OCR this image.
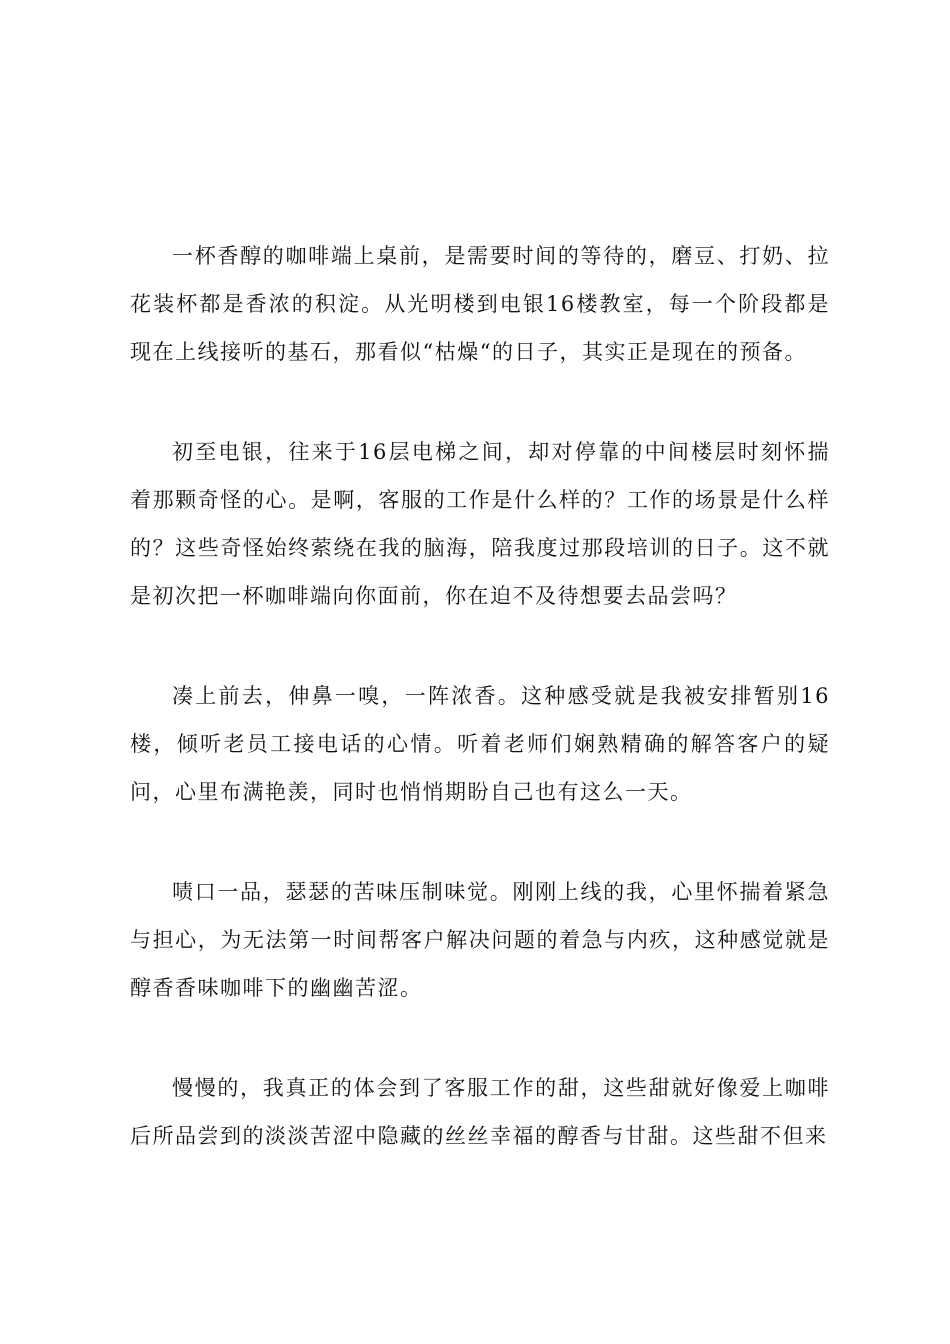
一杯香醇的咖啡端上桌前，是需要时间的等待的，磨豆、打奶、拉花装杯都是香浓的积淀。从光明楼到电银16楼教室，每一个阶段都是现在上线接听的基石，那看似“枯燥“的日子，其实正是现在的预备。

初至电银，往来于16层电梯之间，却对停靠的中间楼层时刻怀揣着那颗奇怪的心。是啊，客服的工作是什么样的？工作的场景是什么样的？这些奇怪始终萦绕在我的脑海，陪我度过那段培训的日子。这不就是初次把一杯咖啡端向你面前，你在迫不及待想要去品尝吗？

凑上前去，伸鼻一嗅，一阵浓香。这种感受就是我被安排暂别16楼，倾听老员工接电话的心情。听着老师们娴熟精确的解答客户的疑问，心里布满艳羡，同时也悄悄期盼自己也有这么一天。

啧口一品，瑟瑟的苦味压制味觉。刚刚上线的我，心里怀揣着紧急与担心，为无法第一时间帮客户解决问题的着急与内疚，这种感觉就是醇香香味咖啡下的幽幽苦涩。

慢慢的，我真正的体会到了客服工作的甜，这些甜就好像爱上咖啡后所品尝到的淡淡苦涩中隐藏的丝丝幸福的醇香与甘甜。这些甜不但来
